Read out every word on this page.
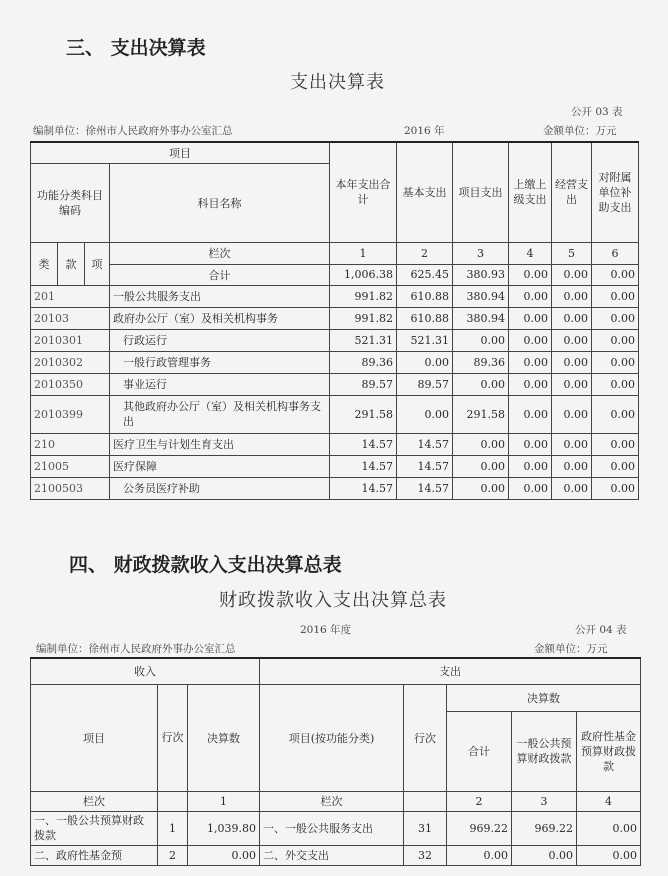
三、 支出决算表
支出决算表
公开 03 表
编制单位：徐州市人民政府外事办公室汇总	2016 年	金额单位：万元
项目				本年支出合计	基本支出	项目支出	上缴上级支出	经营支出	对附属单位补助支出
功能分类科目编码			科目名称						
类	款	项	栏次	1	2	3	4	5	6
			合计	1,006.38	625.45	380.93	0.00	0.00	0.00
201			一般公共服务支出	991.82	610.88	380.94	0.00	0.00	0.00
20103			政府办公厅（室）及相关机构事务	991.82	610.88	380.94	0.00	0.00	0.00
2010301			行政运行	521.31	521.31	0.00	0.00	0.00	0.00
2010302			一般行政管理事务	89.36	0.00	89.36	0.00	0.00	0.00
2010350			事业运行	89.57	89.57	0.00	0.00	0.00	0.00
2010399			其他政府办公厅（室）及相关机构事务支出	291.58	0.00	291.58	0.00	0.00	0.00
210			医疗卫生与计划生育支出	14.57	14.57	0.00	0.00	0.00	0.00
21005			医疗保障	14.57	14.57	0.00	0.00	0.00	0.00
2100503			公务员医疗补助	14.57	14.57	0.00	0.00	0.00	0.00
四、 财政拨款收入支出决算总表
财政拨款收入支出决算总表
2016 年度	公开 04 表
编制单位：徐州市人民政府外事办公室汇总	金额单位：万元
收入			支出				
项目	行次	决算数	项目(按功能分类)	行次	决算数		
					合计	一般公共预算财政拨款	政府性基金预算财政拨款
栏次		1	栏次		2	3	4
一、一般公共预算财政拨款	1	1,039.80	一、一般公共服务支出	31	969.22	969.22	0.00
二、政府性基金预	2	0.00	二、外交支出	32	0.00	0.00	0.00
